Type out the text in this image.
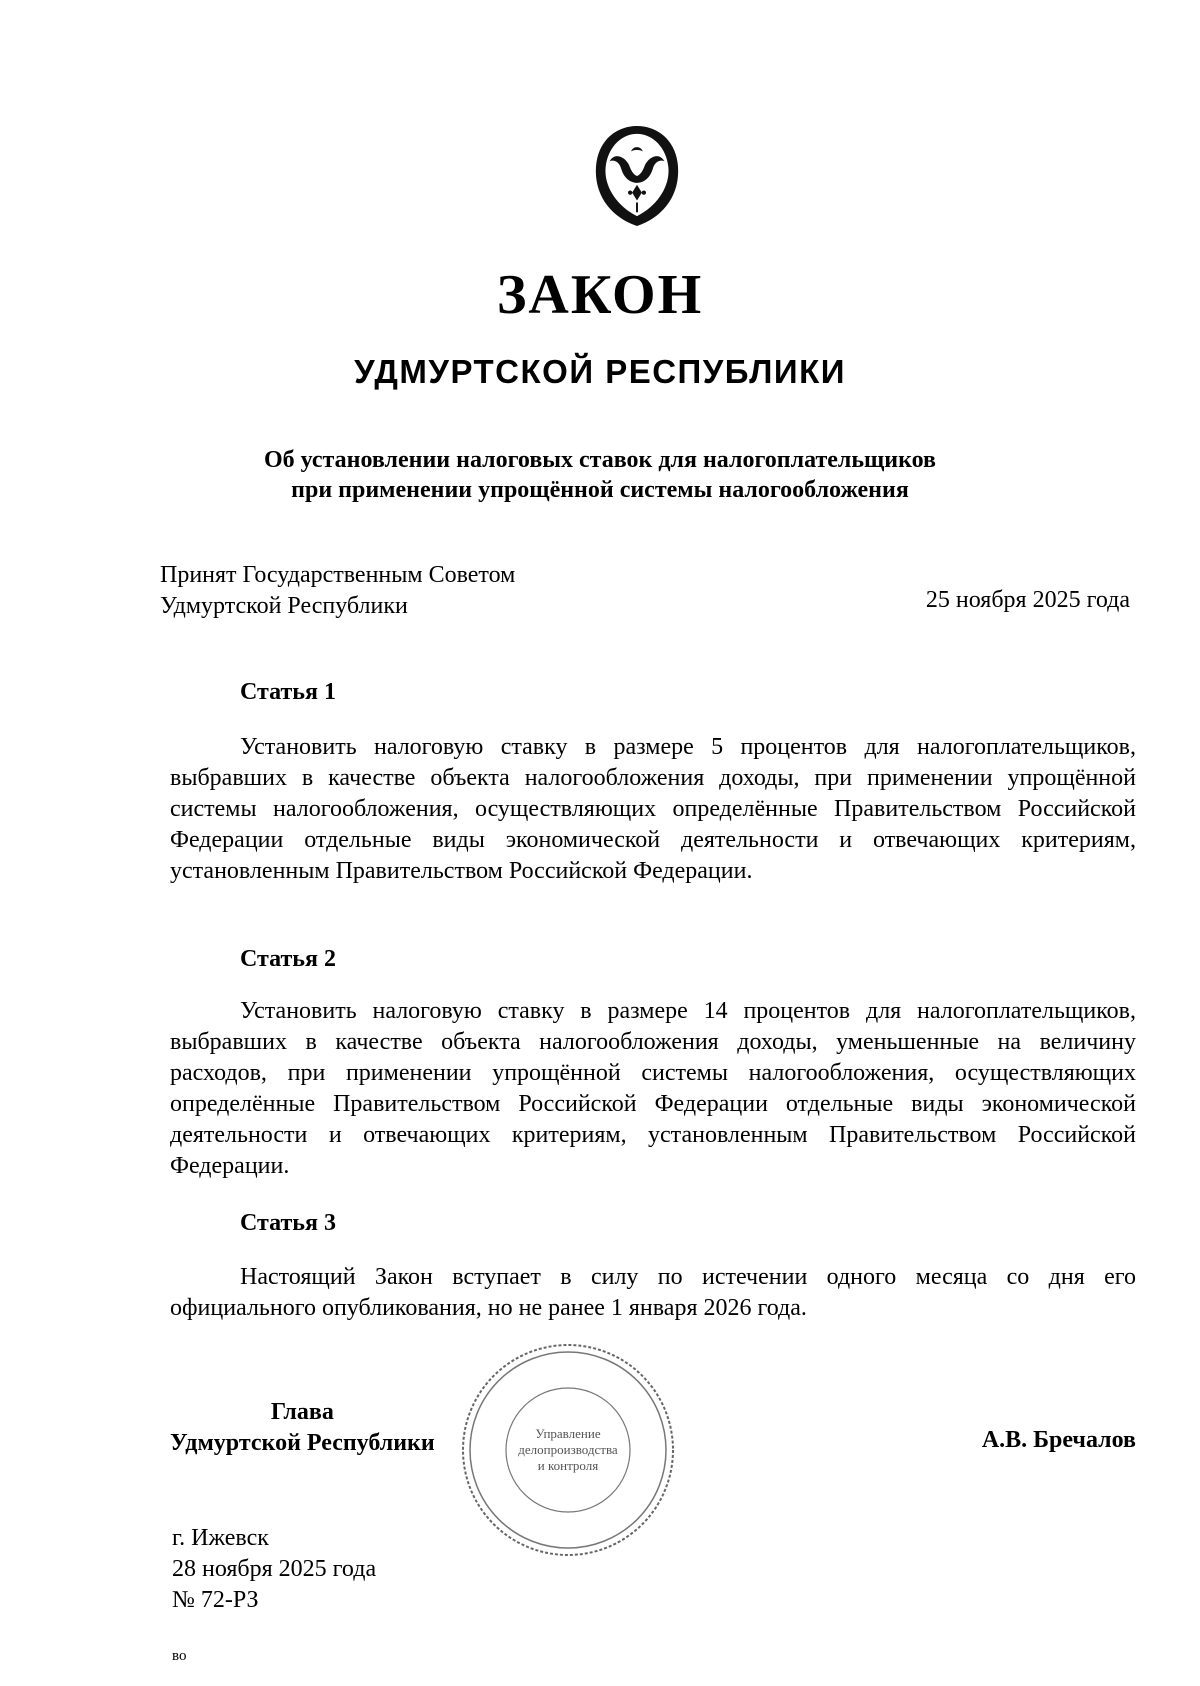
ЗАКОН
УДМУРТСКОЙ РЕСПУБЛИКИ
Об установлении налоговых ставок для налогоплательщиков
при применении упрощённой системы налогообложения
Принят Государственным Советом
Удмуртской Республики	25 ноября 2025 года
Статья 1
Установить налоговую ставку в размере 5 процентов для налогоплательщиков, выбравших в качестве объекта налогообложения доходы, при применении упрощённой системы налогообложения, осуществляющих определённые Правительством Российской Федерации отдельные виды экономической деятельности и отвечающих критериям, установленным Правительством Российской Федерации.
Статья 2
Установить налоговую ставку в размере 14 процентов для налогоплательщиков, выбравших в качестве объекта налогообложения доходы, уменьшенные на величину расходов, при применении упрощённой системы налогообложения, осуществляющих определённые Правительством Российской Федерации отдельные виды экономической деятельности и отвечающих критериям, установленным Правительством Российской Федерации.
Статья 3
Настоящий Закон вступает в силу по истечении одного месяца со дня его официального опубликования, но не ранее 1 января 2026 года.
Управление
делопроизводства
и контроля
Глава
Удмуртской Республики	А.В. Бречалов
г. Ижевск
28 ноября 2025 года
№ 72-РЗ
во
